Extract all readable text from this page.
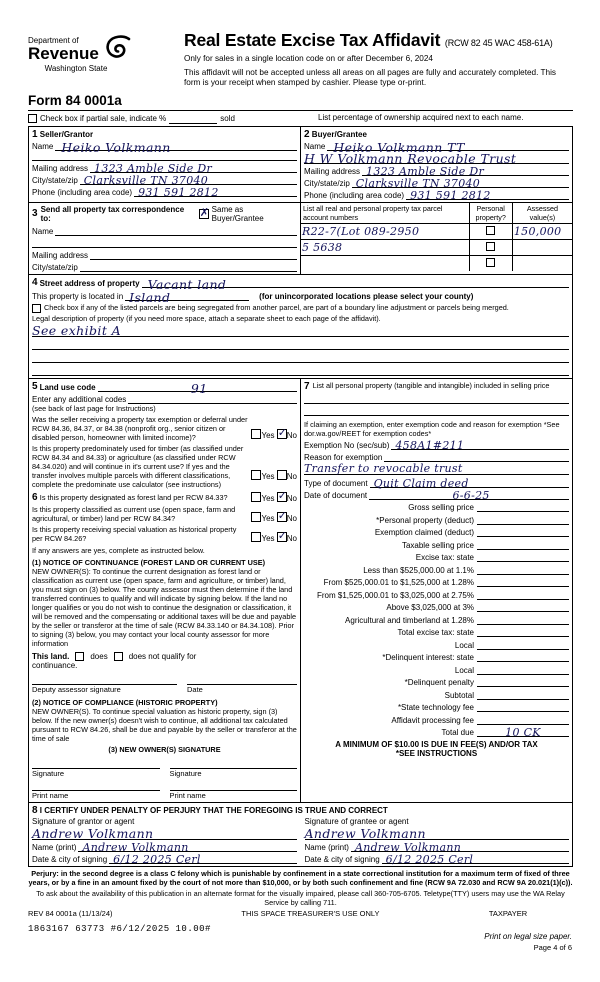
Department of
Revenue
Washington State
Real Estate Excise Tax Affidavit (RCW 82 45 WAC 458-61A)
Only for sales in a single location code on or after December 6, 2024
This affidavit will not be accepted unless all areas on all pages are fully and accurately completed. This form is your receipt when stamped by cashier. Please type or-print.
Form 84 0001a
Check box if partial sale, indicate %	sold	List percentage of ownership acquired next to each name.
1 Seller/Grantor
Name Heiko Volkmann
Mailing address 1323 Amble Side Dr
City/state/zip Clarksville TN 37040
Phone (including area code) 931 591 2812

2 Buyer/Grantee
Name Heiko Volkmann TT
H W Volkmann Revocable Trust
Mailing address 1323 Amble Side Dr
City/state/zip Clarksville TN 37040
Phone (including area code) 931 591 2812

3 Send all property tax correspondence to:	✗ Same as Buyer/Grantee
Name
Mailing address
City/state/zip

List all real and personal property tax parcel account numbers	Personal property?	Assessed value(s)
R22-7(Lot 089-2950		150,000
5 5638		

4 Street address of property Vacant land
This property is located in Island	(for unincorporated locations please select your county)
Check box if any of the listed parcels are being segregated from another parcel, are part of a boundary line adjustment or parcels being merged.
Legal description of property (if you need more space, attach a separate sheet to each page of the affidavit).
See exhibit A

5 Land use code	91
Enter any additional codes
(see back of last page for Instructions)
Was the seller receiving a property tax exemption or deferral under RCW 84.36, 84.37, or 84.38 (nonprofit org., senior citizen or disabled person, homeowner with limited income)?	Yes ✓ No
Is this property predominately used for timber (as classified under RCW 84.34 and 84.33) or agriculture (as classified under RCW 84.34.020) and will continue in it's current use? If yes and the transfer involves multiple parcels with different classifications, complete the predominate use calculator (see instructions)
Yes No
6 Is this property designated as forest land per RCW 84.33?	Yes ✓ No
Is this property classified as current use (open space, farm and agricultural, or timber) land per RCW 84.34?	Yes ✓ No
Is this property receiving special valuation as historical property per RCW 84.26?	Yes ✓ No
If any answers are yes, complete as instructed below.
(1) NOTICE OF CONTINUANCE (FOREST LAND OR CURRENT USE)
NEW OWNER(S): To continue the current designation as forest land or classification as current use (open space, farm and agriculture, or timber) land, you must sign on (3) below. The county assessor must then determine if the land transferred continues to qualify and will indicate by signing below. If the land no longer qualifies or you do not wish to continue the designation or classification, it will be removed and the compensating or additional taxes will be due and payable by the seller or transferor at the time of sale (RCW 84.33.140 or 84.34.108). Prior to signing (3) below, you may contact your local county assessor for more information
This land.	does	does not qualify for
continuance.
Deputy assessor signature	Date
(2) NOTICE OF COMPLIANCE (HISTORIC PROPERTY)
NEW OWNER(S). To continue special valuation as historic property, sign (3) below. If the new owner(s) doesn't wish to continue, all additional tax calculated pursuant to RCW 84.26, shall be due and payable by the seller or transferor at the time of sale
(3) NEW OWNER(S) SIGNATURE
Signature	Signature
Print name	Print name

7 List all personal property (tangible and intangible) included in selling price
If claiming an exemption, enter exemption code and reason for exemption *See dor.wa.gov/REET for exemption codes*
Exemption No (sec/sub) 458A1#211
Reason for exemption
Transfer to revocable trust
Type of document Quit Claim deed
Date of document	6-6-25
Gross selling price
*Personal property (deduct)
Exemption claimed (deduct)
Taxable selling price
Excise tax: state
Less than $525,000.00 at 1.1%
From $525,000.01 to $1,525,000 at 1.28%
From $1,525,000.01 to $3,025,000 at 2.75%
Above $3,025,000 at 3%
Agricultural and timberland at 1.28%
Total excise tax: state
Local
*Delinquent interest: state
Local
*Delinquent penalty
Subtotal
*State technology fee
Affidavit processing fee
Total due	10 CK
A MINIMUM OF $10.00 IS DUE IN FEE(S) AND/OR TAX
*SEE INSTRUCTIONS

8 I CERTIFY UNDER PENALTY OF PERJURY THAT THE FOREGOING IS TRUE AND CORRECT
Signature of grantor or agent
Andrew Volkmann
Name (print) Andrew Volkmann
Date & city of signing 6/12 2025 Cerl
Signature of grantee or agent
Andrew Volkmann
Name (print) Andrew Volkmann
Date & city of signing 6/12 2025 Cerl
Perjury: in the second degree is a class C felony which is punishable by confinement in a state correctional institution for a maximum term of fixed of three years, or by a fine in an amount fixed by the court of not more than $10,000, or by both such confinement and fine (RCW 9A 72.030 and RCW 9A 20.021(1)(c)).
To ask about the availability of this publication in an alternate format for the visually impaired, please call 360-705-6705. Teletype(TTY) users may use the WA Relay Service by calling 711.
REV 84 0001a (11/13/24)	THIS SPACE TREASURER'S USE ONLY	TAXPAYER
1863167 63773 #6/12/2025 10.00#
Print on legal size paper.
Page 4 of 6
